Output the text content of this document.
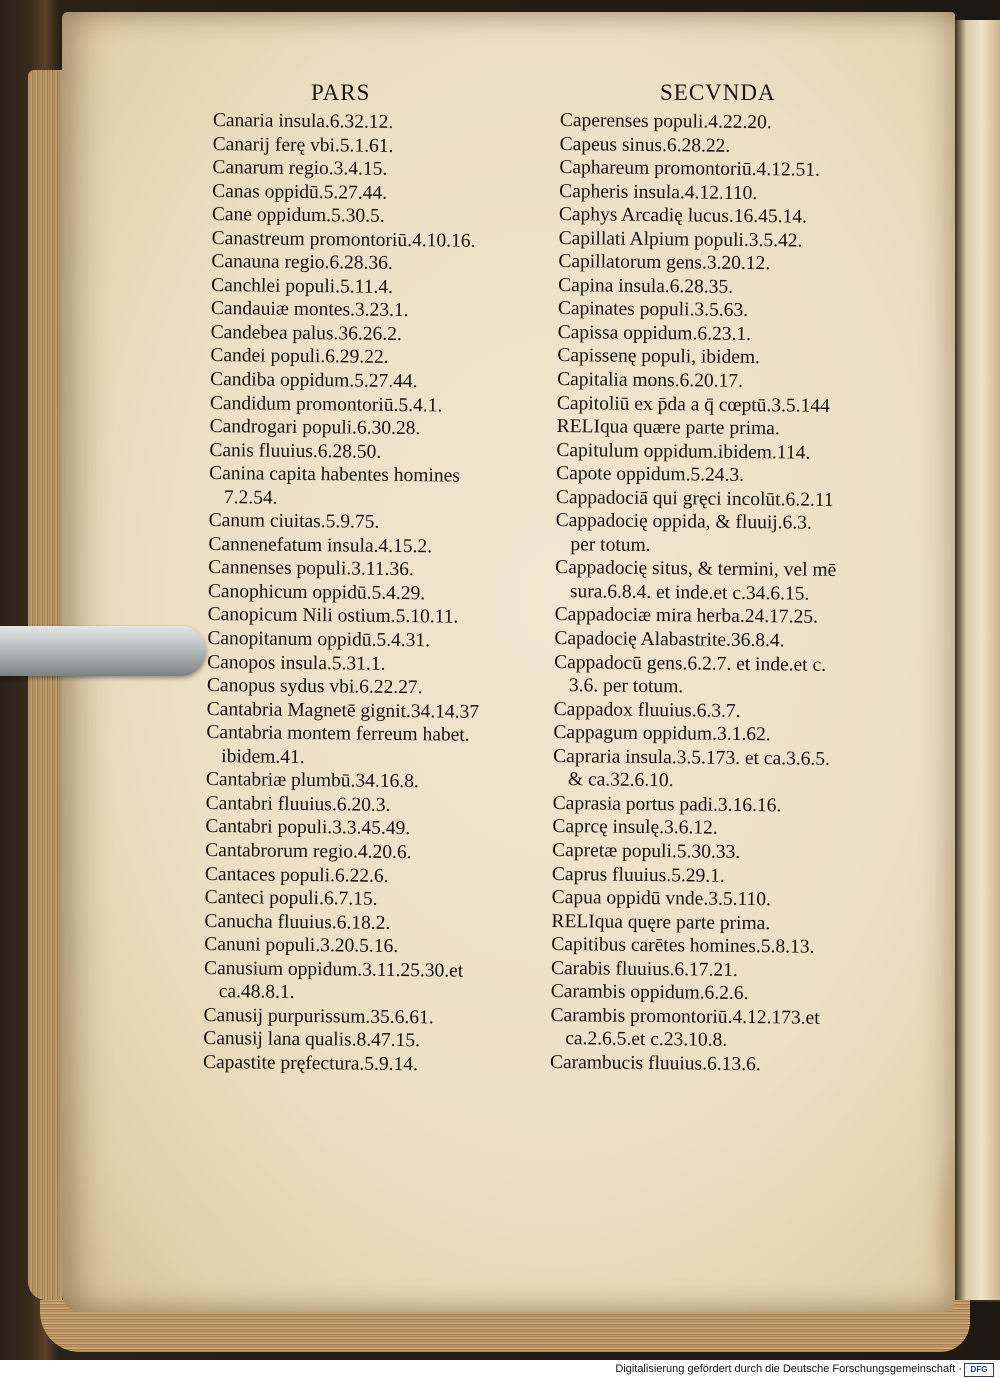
PARS	SECVNDA
Canaria insula.6.32.12.
Canarij ferę vbi.5.1.61.
Canarum regio.3.4.15.
Canas oppidū.5.27.44.
Cane oppidum.5.30.5.
Canastreum promontoriū.4.10.16.
Canauna regio.6.28.36.
Canchlei populi.5.11.4.
Candauiæ montes.3.23.1.
Candebea palus.36.26.2.
Candei populi.6.29.22.
Candiba oppidum.5.27.44.
Candidum promontoriū.5.4.1.
Candrogari populi.6.30.28.
Canis fluuius.6.28.50.
Canina capita habentes homines
7.2.54.
Canum ciuitas.5.9.75.
Cannenefatum insula.4.15.2.
Cannenses populi.3.11.36.
Canophicum oppidū.5.4.29.
Canopicum Nili ostium.5.10.11.
Canopitanum oppidū.5.4.31.
Canopos insula.5.31.1.
Canopus sydus vbi.6.22.27.
Cantabria Magnetē gignit.34.14.37
Cantabria montem ferreum habet.
ibidem.41.
Cantabriæ plumbū.34.16.8.
Cantabri fluuius.6.20.3.
Cantabri populi.3.3.45.49.
Cantabrorum regio.4.20.6.
Cantaces populi.6.22.6.
Canteci populi.6.7.15.
Canucha fluuius.6.18.2.
Canuni populi.3.20.5.16.
Canusium oppidum.3.11.25.30.et
ca.48.8.1.
Canusij purpurissum.35.6.61.
Canusij lana qualis.8.47.15.
Capastite pręfectura.5.9.14.
Caperenses populi.4.22.20.
Capeus sinus.6.28.22.
Caphareum promontoriū.4.12.51.
Capheris insula.4.12.110.
Caphys Arcadię lucus.16.45.14.
Capillati Alpium populi.3.5.42.
Capillatorum gens.3.20.12.
Capina insula.6.28.35.
Capinates populi.3.5.63.
Capissa oppidum.6.23.1.
Capissenę populi, ibidem.
Capitalia mons.6.20.17.
Capitoliū ex p̄da a q̄ cœptū.3.5.144
RELIqua quære parte prima.
Capitulum oppidum.ibidem.114.
Capote oppidum.5.24.3.
Cappadociā qui gręci incolūt.6.2.11
Cappadocię oppida, & fluuij.6.3.
per totum.
Cappadocię situs, & termini, vel mē
sura.6.8.4. et inde.et c.34.6.15.
Cappadociæ mira herba.24.17.25.
Capadocię Alabastrite.36.8.4.
Cappadocū gens.6.2.7. et inde.et c.
3.6. per totum.
Cappadox fluuius.6.3.7.
Cappagum oppidum.3.1.62.
Capraria insula.3.5.173. et ca.3.6.5.
& ca.32.6.10.
Caprasia portus padi.3.16.16.
Caprcę insulę.3.6.12.
Capretæ populi.5.30.33.
Caprus fluuius.5.29.1.
Capua oppidū vnde.3.5.110.
RELIqua quęre parte prima.
Capitibus carētes homines.5.8.13.
Carabis fluuius.6.17.21.
Carambis oppidum.6.2.6.
Carambis promontoriū.4.12.173.et
ca.2.6.5.et c.23.10.8.
Carambucis fluuius.6.13.6.
Digitalisierung gefördert durch die Deutsche Forschungsgemeinschaft ·	DFG
